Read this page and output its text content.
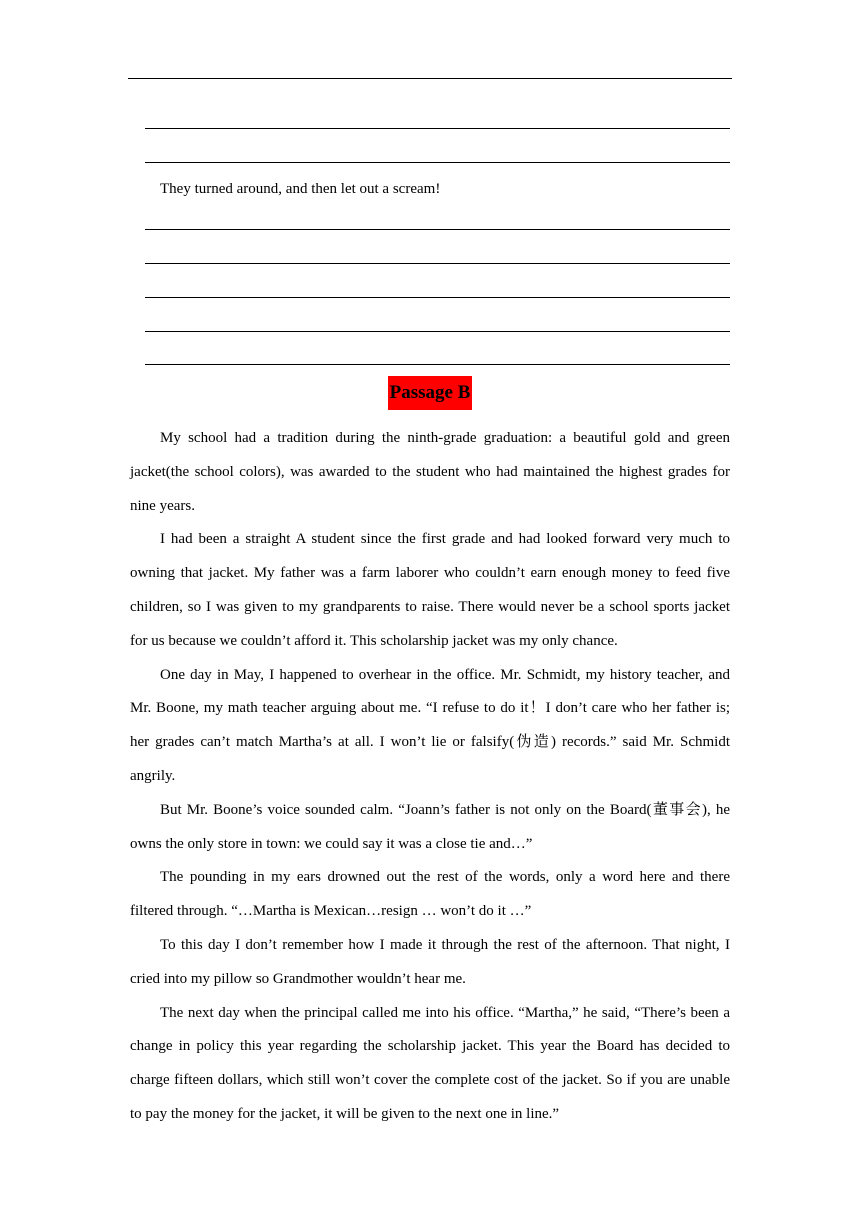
They turned around, and then let out a scream!
Passage B

My school had a tradition during the ninth-grade graduation: a beautiful gold and green jacket(the school colors), was awarded to the student who had maintained the highest grades for nine years.

I had been a straight A student since the first grade and had looked forward very much to owning that jacket. My father was a farm laborer who couldn’t earn enough money to feed five children, so I was given to my grandparents to raise. There would never be a school sports jacket for us because we couldn’t afford it. This scholarship jacket was my only chance.

One day in May, I happened to overhear in the office. Mr. Schmidt, my history teacher, and Mr. Boone, my math teacher arguing about me. “I refuse to do it！I don’t care who her father is; her grades can’t match Martha’s at all. I won’t lie or falsify(伪造) records.” said Mr. Schmidt angrily.

But Mr. Boone’s voice sounded calm. “Joann’s father is not only on the Board(董事会), he owns the only store in town: we could say it was a close tie and…”

The pounding in my ears drowned out the rest of the words, only a word here and there filtered through. “…Martha is Mexican…resign … won’t do it …”

To this day I don’t remember how I made it through the rest of the afternoon. That night, I cried into my pillow so Grandmother wouldn’t hear me.

The next day when the principal called me into his office. “Martha,” he said, “There’s been a change in policy this year regarding the scholarship jacket. This year the Board has decided to charge fifteen dollars, which still won’t cover the complete cost of the jacket. So if you are unable to pay the money for the jacket, it will be given to the next one in line.”
